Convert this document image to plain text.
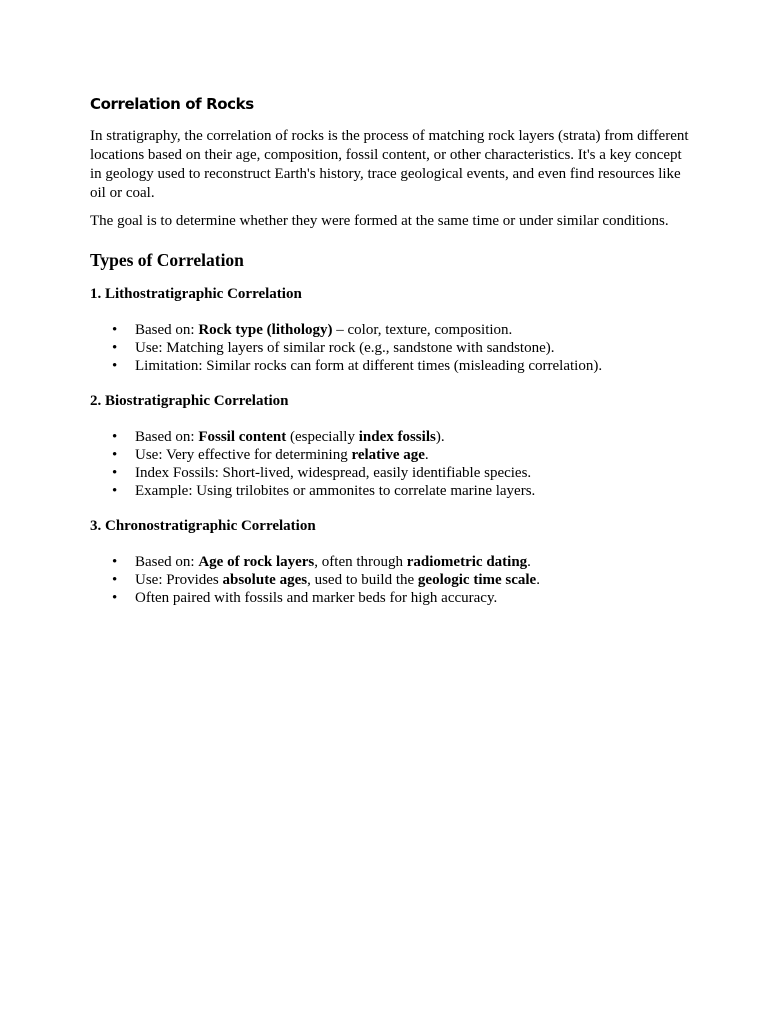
Correlation of Rocks

In stratigraphy, the correlation of rocks is the process of matching rock layers (strata) from different locations based on their age, composition, fossil content, or other characteristics. It's a key concept in geology used to reconstruct Earth's history, trace geological events, and even find resources like oil or coal.

The goal is to determine whether they were formed at the same time or under similar conditions.

Types of Correlation
1. Lithostratigraphic Correlation
• Based on: Rock type (lithology) – color, texture, composition.
• Use: Matching layers of similar rock (e.g., sandstone with sandstone).
• Limitation: Similar rocks can form at different times (misleading correlation).
2. Biostratigraphic Correlation
• Based on: Fossil content (especially index fossils).
• Use: Very effective for determining relative age.
• Index Fossils: Short-lived, widespread, easily identifiable species.
• Example: Using trilobites or ammonites to correlate marine layers.
3. Chronostratigraphic Correlation
• Based on: Age of rock layers, often through radiometric dating.
• Use: Provides absolute ages, used to build the geologic time scale.
• Often paired with fossils and marker beds for high accuracy.
